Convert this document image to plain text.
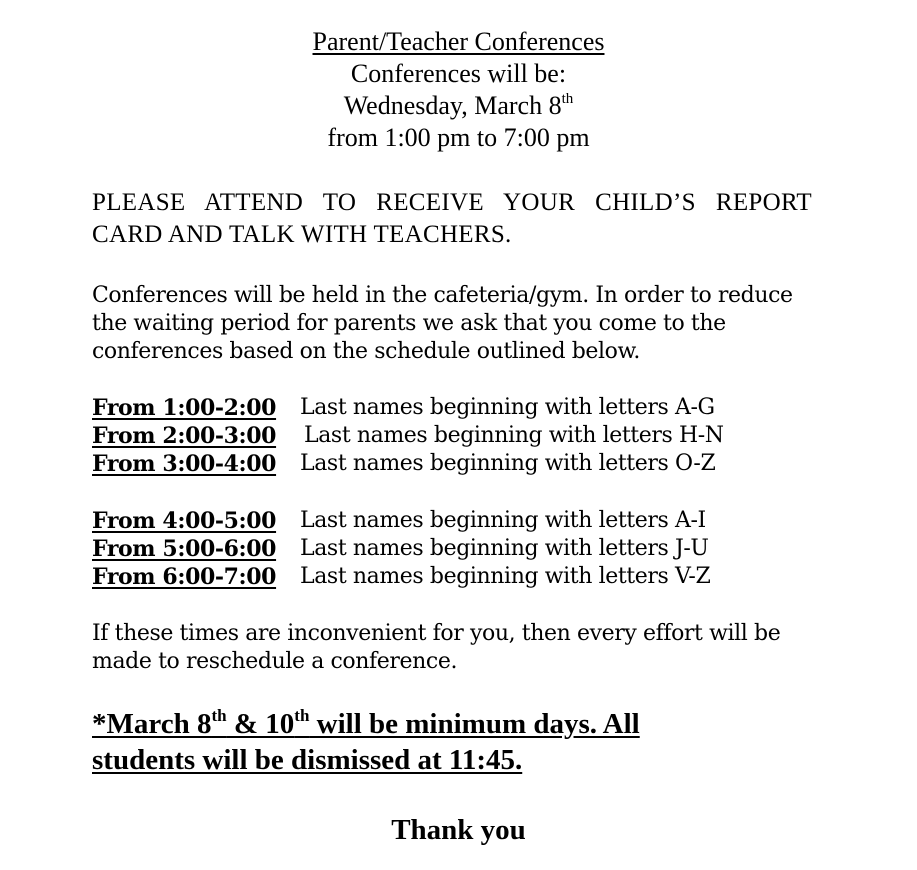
Parent/Teacher Conferences
Conferences will be:
Wednesday, March 8th
from 1:00 pm to 7:00 pm
PLEASE ATTEND TO RECEIVE YOUR CHILD’S REPORT
CARD AND TALK WITH TEACHERS.
Conferences will be held in the cafeteria/gym. In order to reduce
the waiting period for parents we ask that you come to the
conferences based on the schedule outlined below.
From 1:00-2:00 Last names beginning with letters A-G
From 2:00-3:00 Last names beginning with letters H-N
From 3:00-4:00 Last names beginning with letters O-Z
From 4:00-5:00 Last names beginning with letters A-I
From 5:00-6:00 Last names beginning with letters J-U
From 6:00-7:00 Last names beginning with letters V-Z
If these times are inconvenient for you, then every effort will be
made to reschedule a conference.
*March 8th & 10th will be minimum days. All
students will be dismissed at 11:45.
Thank you
